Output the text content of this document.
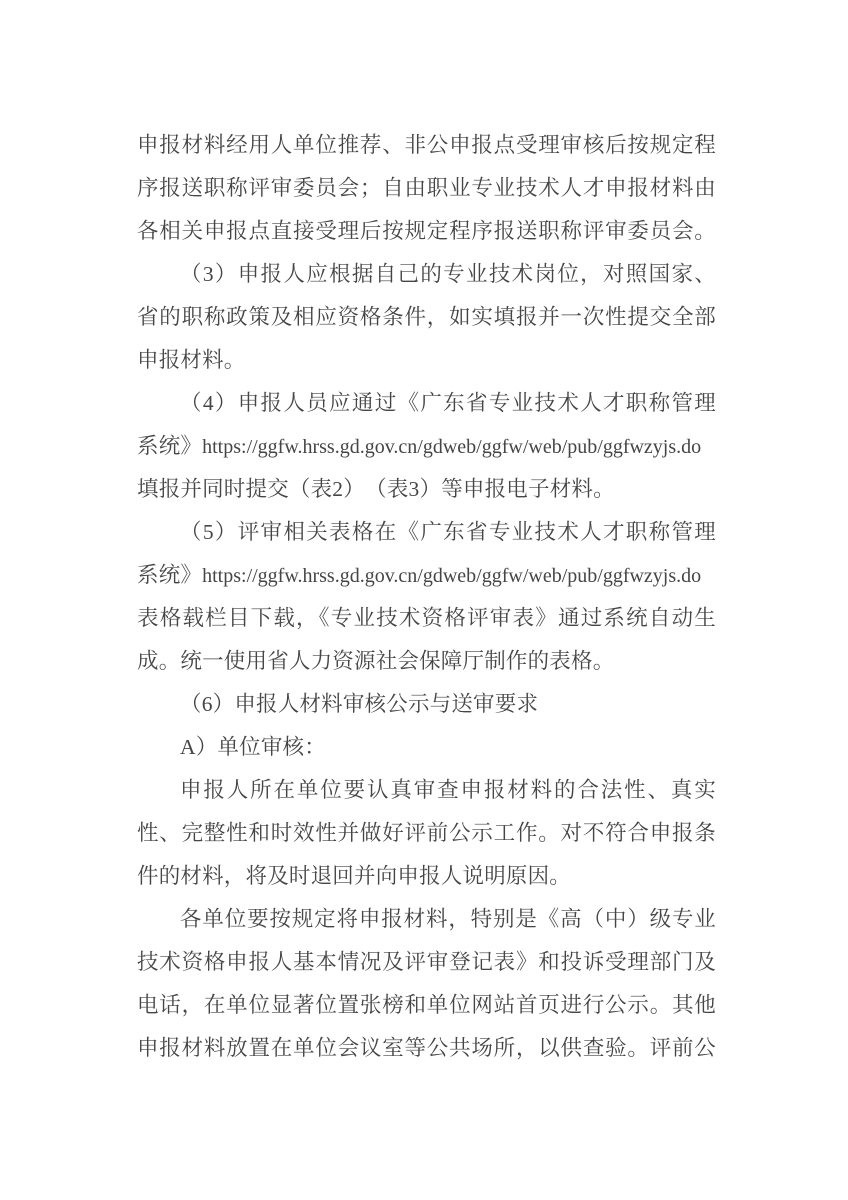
申报材料经用人单位推荐、非公申报点受理审核后按规定程
序报送职称评审委员会；自由职业专业技术人才申报材料由
各相关申报点直接受理后按规定程序报送职称评审委员会。
（3）申报人应根据自己的专业技术岗位，对照国家、
省的职称政策及相应资格条件，如实填报并一次性提交全部
申报材料。
（4）申报人员应通过《广东省专业技术人才职称管理
系统》https://ggfw.hrss.gd.gov.cn/gdweb/ggfw/web/pub/ggfwzyjs.do
填报并同时提交（表2）　（表3）等申报电子材料。
（5）评审相关表格在《广东省专业技术人才职称管理
系统》https://ggfw.hrss.gd.gov.cn/gdweb/ggfw/web/pub/ggfwzyjs.do
表格载栏目下载，《专业技术资格评审表》通过系统自动生
成。统一使用省人力资源社会保障厅制作的表格。
（6）申报人材料审核公示与送审要求
A）单位审核：
申报人所在单位要认真审查申报材料的合法性、真实
性、完整性和时效性并做好评前公示工作。对不符合申报条
件的材料，将及时退回并向申报人说明原因。
各单位要按规定将申报材料，特别是《高（中）级专业
技术资格申报人基本情况及评审登记表》和投诉受理部门及
电话，在单位显著位置张榜和单位网站首页进行公示。其他
申报材料放置在单位会议室等公共场所，以供查验。评前公
